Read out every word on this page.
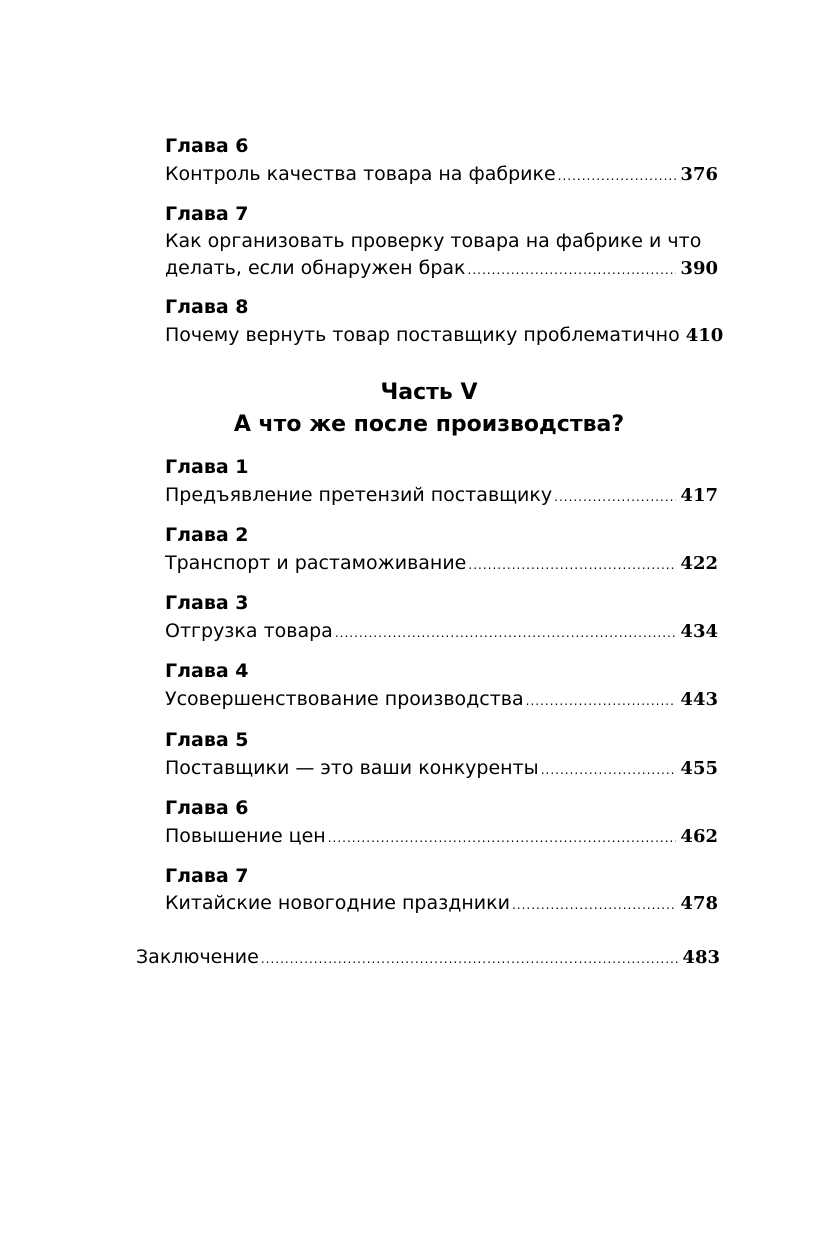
Глава 6
Контроль качества товара на фабрике .....	376
Глава 7
Как организовать проверку товара на фабрике и что
делать, если обнаружен брак .....	390
Глава 8
Почему вернуть товар поставщику проблематично 410
Часть V
А что же после производства?
Глава 1
Предъявление претензий поставщику .....	417
Глава 2
Транспорт и растаможивание .....	422
Глава 3
Отгрузка товара .....	434
Глава 4
Усовершенствование производства .....	443
Глава 5
Поставщики — это ваши конкуренты .....	455
Глава 6
Повышение цен .....	462
Глава 7
Китайские новогодние праздники .....	478
Заключение .....	483
